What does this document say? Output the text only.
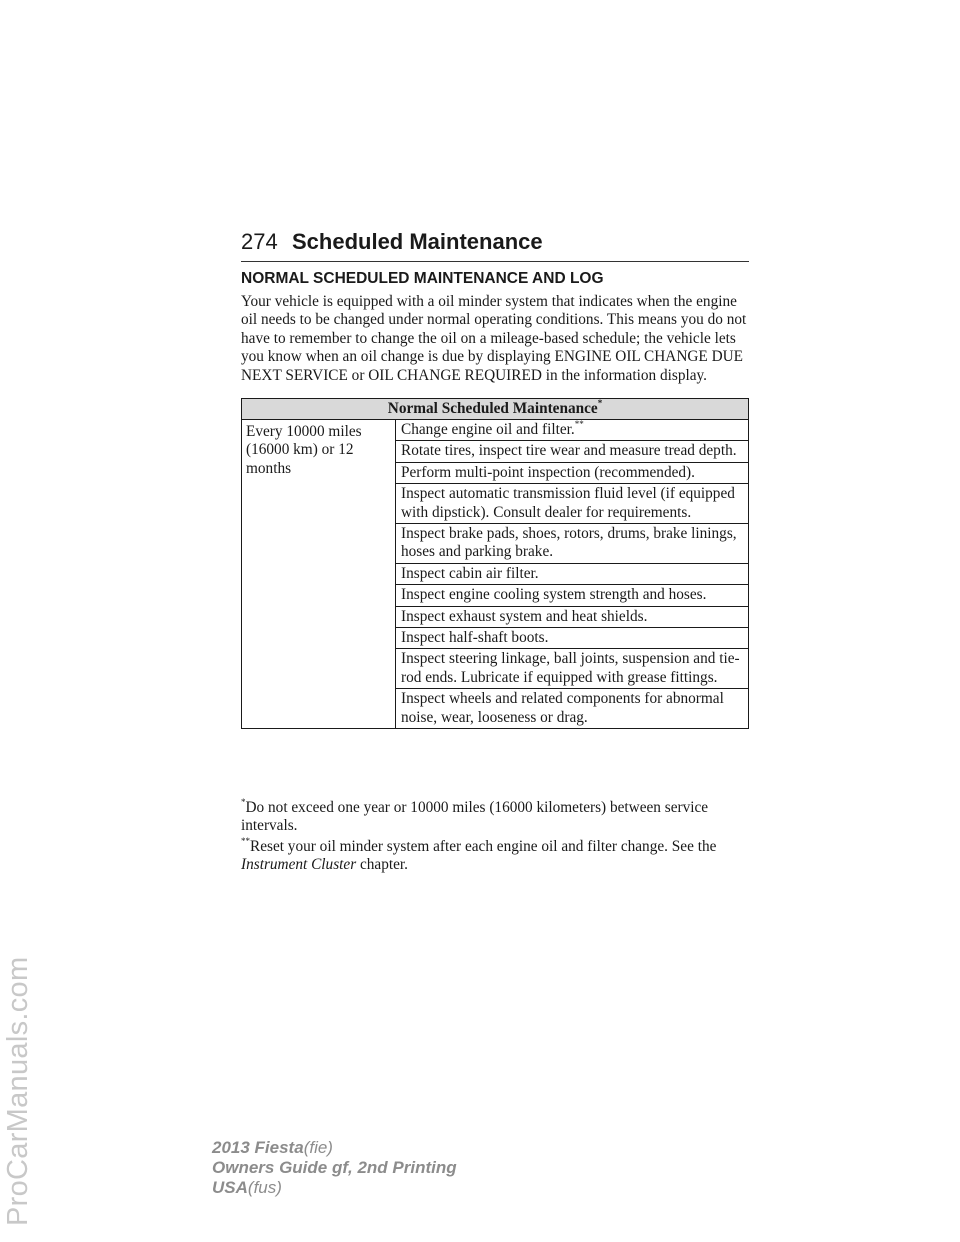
ProCarManuals.com
274 Scheduled Maintenance
NORMAL SCHEDULED MAINTENANCE AND LOG

Your vehicle is equipped with a oil minder system that indicates when the engine oil needs to be changed under normal operating conditions. This means you do not have to remember to change the oil on a mileage-based schedule; the vehicle lets you know when an oil change is due by displaying ENGINE OIL CHANGE DUE NEXT SERVICE or OIL CHANGE REQUIRED in the information display.

Normal Scheduled Maintenance*
Every 10000 miles (16000 km) or 12 months	Change engine oil and filter.**
Rotate tires, inspect tire wear and measure tread depth.
Perform multi-point inspection (recommended).
Inspect automatic transmission fluid level (if equipped with dipstick). Consult dealer for requirements.
Inspect brake pads, shoes, rotors, drums, brake linings, hoses and parking brake.
Inspect cabin air filter.
Inspect engine cooling system strength and hoses.
Inspect exhaust system and heat shields.
Inspect half-shaft boots.
Inspect steering linkage, ball joints, suspension and tie-rod ends. Lubricate if equipped with grease fittings.
Inspect wheels and related components for abnormal noise, wear, looseness or drag.

*Do not exceed one year or 10000 miles (16000 kilometers) between service intervals.

**Reset your oil minder system after each engine oil and filter change. See the Instrument Cluster chapter.

2013 Fiesta(fie)
Owners Guide gf, 2nd Printing
USA(fus)
